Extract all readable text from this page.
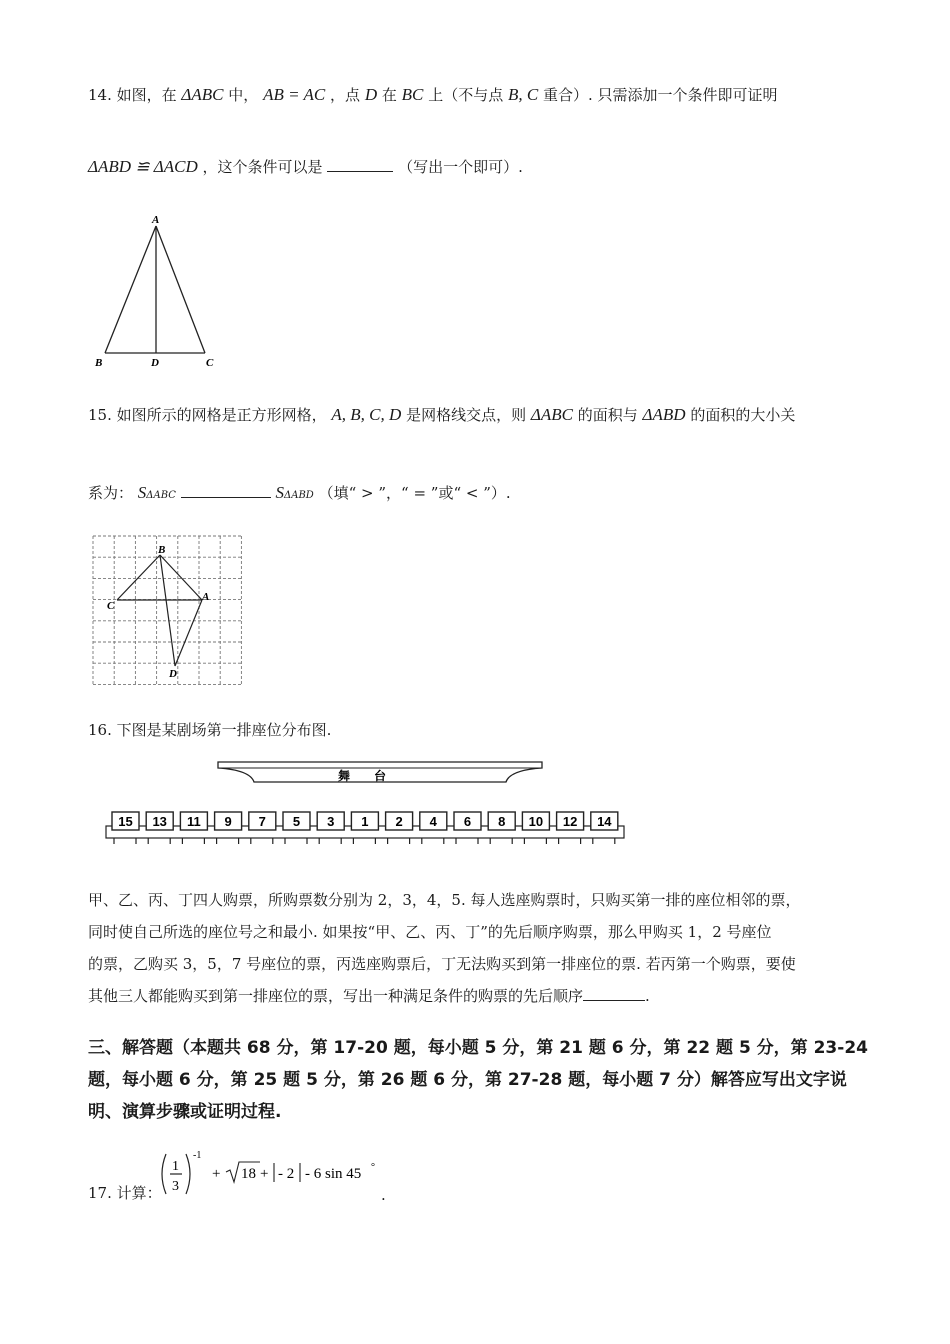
14. 如图，在 ΔABC 中， AB = AC ，点 D 在 BC 上（不与点 B, C 重合）. 只需添加一个条件即可证明
ΔABD ≌ ΔACD ，这个条件可以是	（写出一个即可）.
A
B	D	C
15. 如图所示的网格是正方形网格， A, B, C, D 是网格线交点，则 ΔABC 的面积与 ΔABD 的面积的大小关
系为： SΔABC	SΔABD （填“ > ”，“ = ”或“ < ”）.
B
C
A
D
16. 下图是某剧场第一排座位分布图.
舞　　台
15 13 11 9 7 5 3 1 2 4 6 8 10 12 14
甲、乙、丙、丁四人购票，所购票数分别为 2，3，4，5. 每人选座购票时，只购买第一排的座位相邻的票，
同时使自己所选的座位号之和最小. 如果按“甲、乙、丙、丁”的先后顺序购票，那么甲购买 1，2 号座位
的票，乙购买 3，5，7 号座位的票，丙选座购票后，丁无法购买到第一排座位的票. 若丙第一个购票，要使
其他三人都能购买到第一排座位的票，写出一种满足条件的购票的先后顺序	.
三、解答题（本题共 68 分，第 17-20 题，每小题 5 分，第 21 题 6 分，第 22 题 5 分，第 23-24
题，每小题 6 分，第 25 题 5 分，第 26 题 6 分，第 27-28 题，每小题 7 分）解答应写出文字说
明、演算步骤或证明过程.
17. 计算：
1
3
-1
+ 18 + - 2 - 6 sin 45 °
.
